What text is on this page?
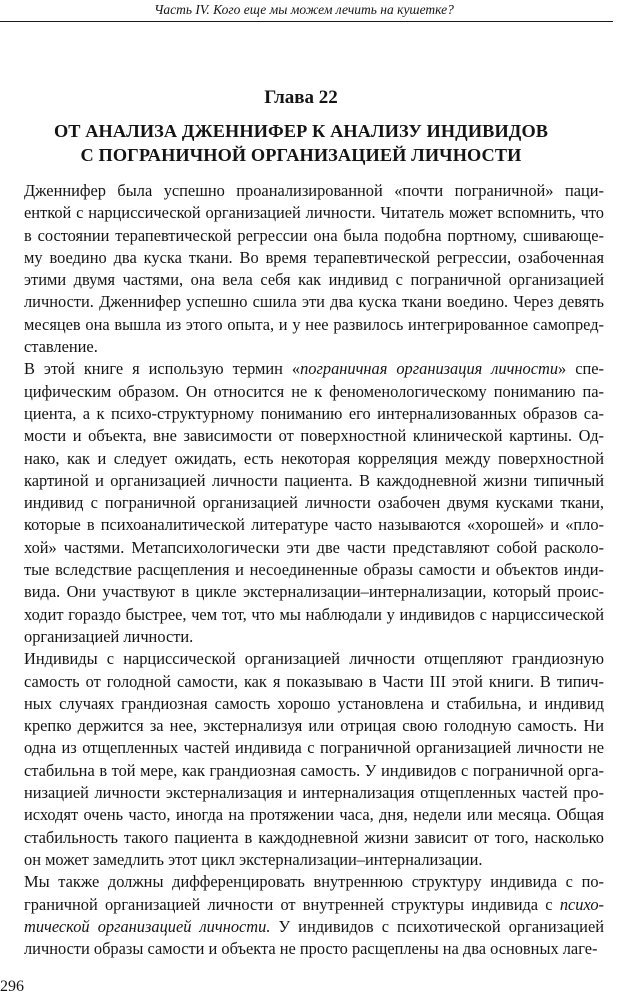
Часть IV. Кого еще мы можем лечить на кушетке?
Глава 22
ОТ АНАЛИЗА ДЖЕННИФЕР К АНАЛИЗУ ИНДИВИДОВ
С ПОГРАНИЧНОЙ ОРГАНИЗАЦИЕЙ ЛИЧНОСТИ

Дженнифер была успешно проанализированной «почти пограничной» паци-
енткой с нарциссической организацией личности. Читатель может вспомнить, что
в состоянии терапевтической регрессии она была подобна портному, сшивающе-
му воедино два куска ткани. Во время терапевтической регрессии, озабоченная
этими двумя частями, она вела себя как индивид с пограничной организацией
личности. Дженнифер успешно сшила эти два куска ткани воедино. Через девять
месяцев она вышла из этого опыта, и у нее развилось интегрированное самопред-
ставление.

В этой книге я использую термин «пограничная организация личности» спе-
цифическим образом. Он относится не к феноменологическому пониманию па-
циента, а к психо-структурному пониманию его интернализованных образов са-
мости и объекта, вне зависимости от поверхностной клинической картины. Од-
нако, как и следует ожидать, есть некоторая корреляция между поверхностной
картиной и организацией личности пациента. В каждодневной жизни типичный
индивид с пограничной организацией личности озабочен двумя кусками ткани,
которые в психоаналитической литературе часто называются «хорошей» и «пло-
хой» частями. Метапсихологически эти две части представляют собой расколо-
тые вследствие расщепления и несоединенные образы самости и объектов инди-
вида. Они участвуют в цикле экстернализации–интернализации, который проис-
ходит гораздо быстрее, чем тот, что мы наблюдали у индивидов с нарциссической
организацией личности.

Индивиды с нарциссической организацией личности отщепляют грандиозную
самость от голодной самости, как я показываю в Части III этой книги. В типич-
ных случаях грандиозная самость хорошо установлена и стабильна, и индивид
крепко держится за нее, экстернализуя или отрицая свою голодную самость. Ни
одна из отщепленных частей индивида с пограничной организацией личности не
стабильна в той мере, как грандиозная самость. У индивидов с пограничной орга-
низацией личности экстернализация и интернализация отщепленных частей про-
исходят очень часто, иногда на протяжении часа, дня, недели или месяца. Общая
стабильность такого пациента в каждодневной жизни зависит от того, насколько
он может замедлить этот цикл экстернализации–интернализации.

Мы также должны дифференцировать внутреннюю структуру индивида с по-
граничной организацией личности от внутренней структуры индивида с психо-
тической организацией личности. У индивидов с психотической организацией
личности образы самости и объекта не просто расщеплены на два основных лаге-

296
